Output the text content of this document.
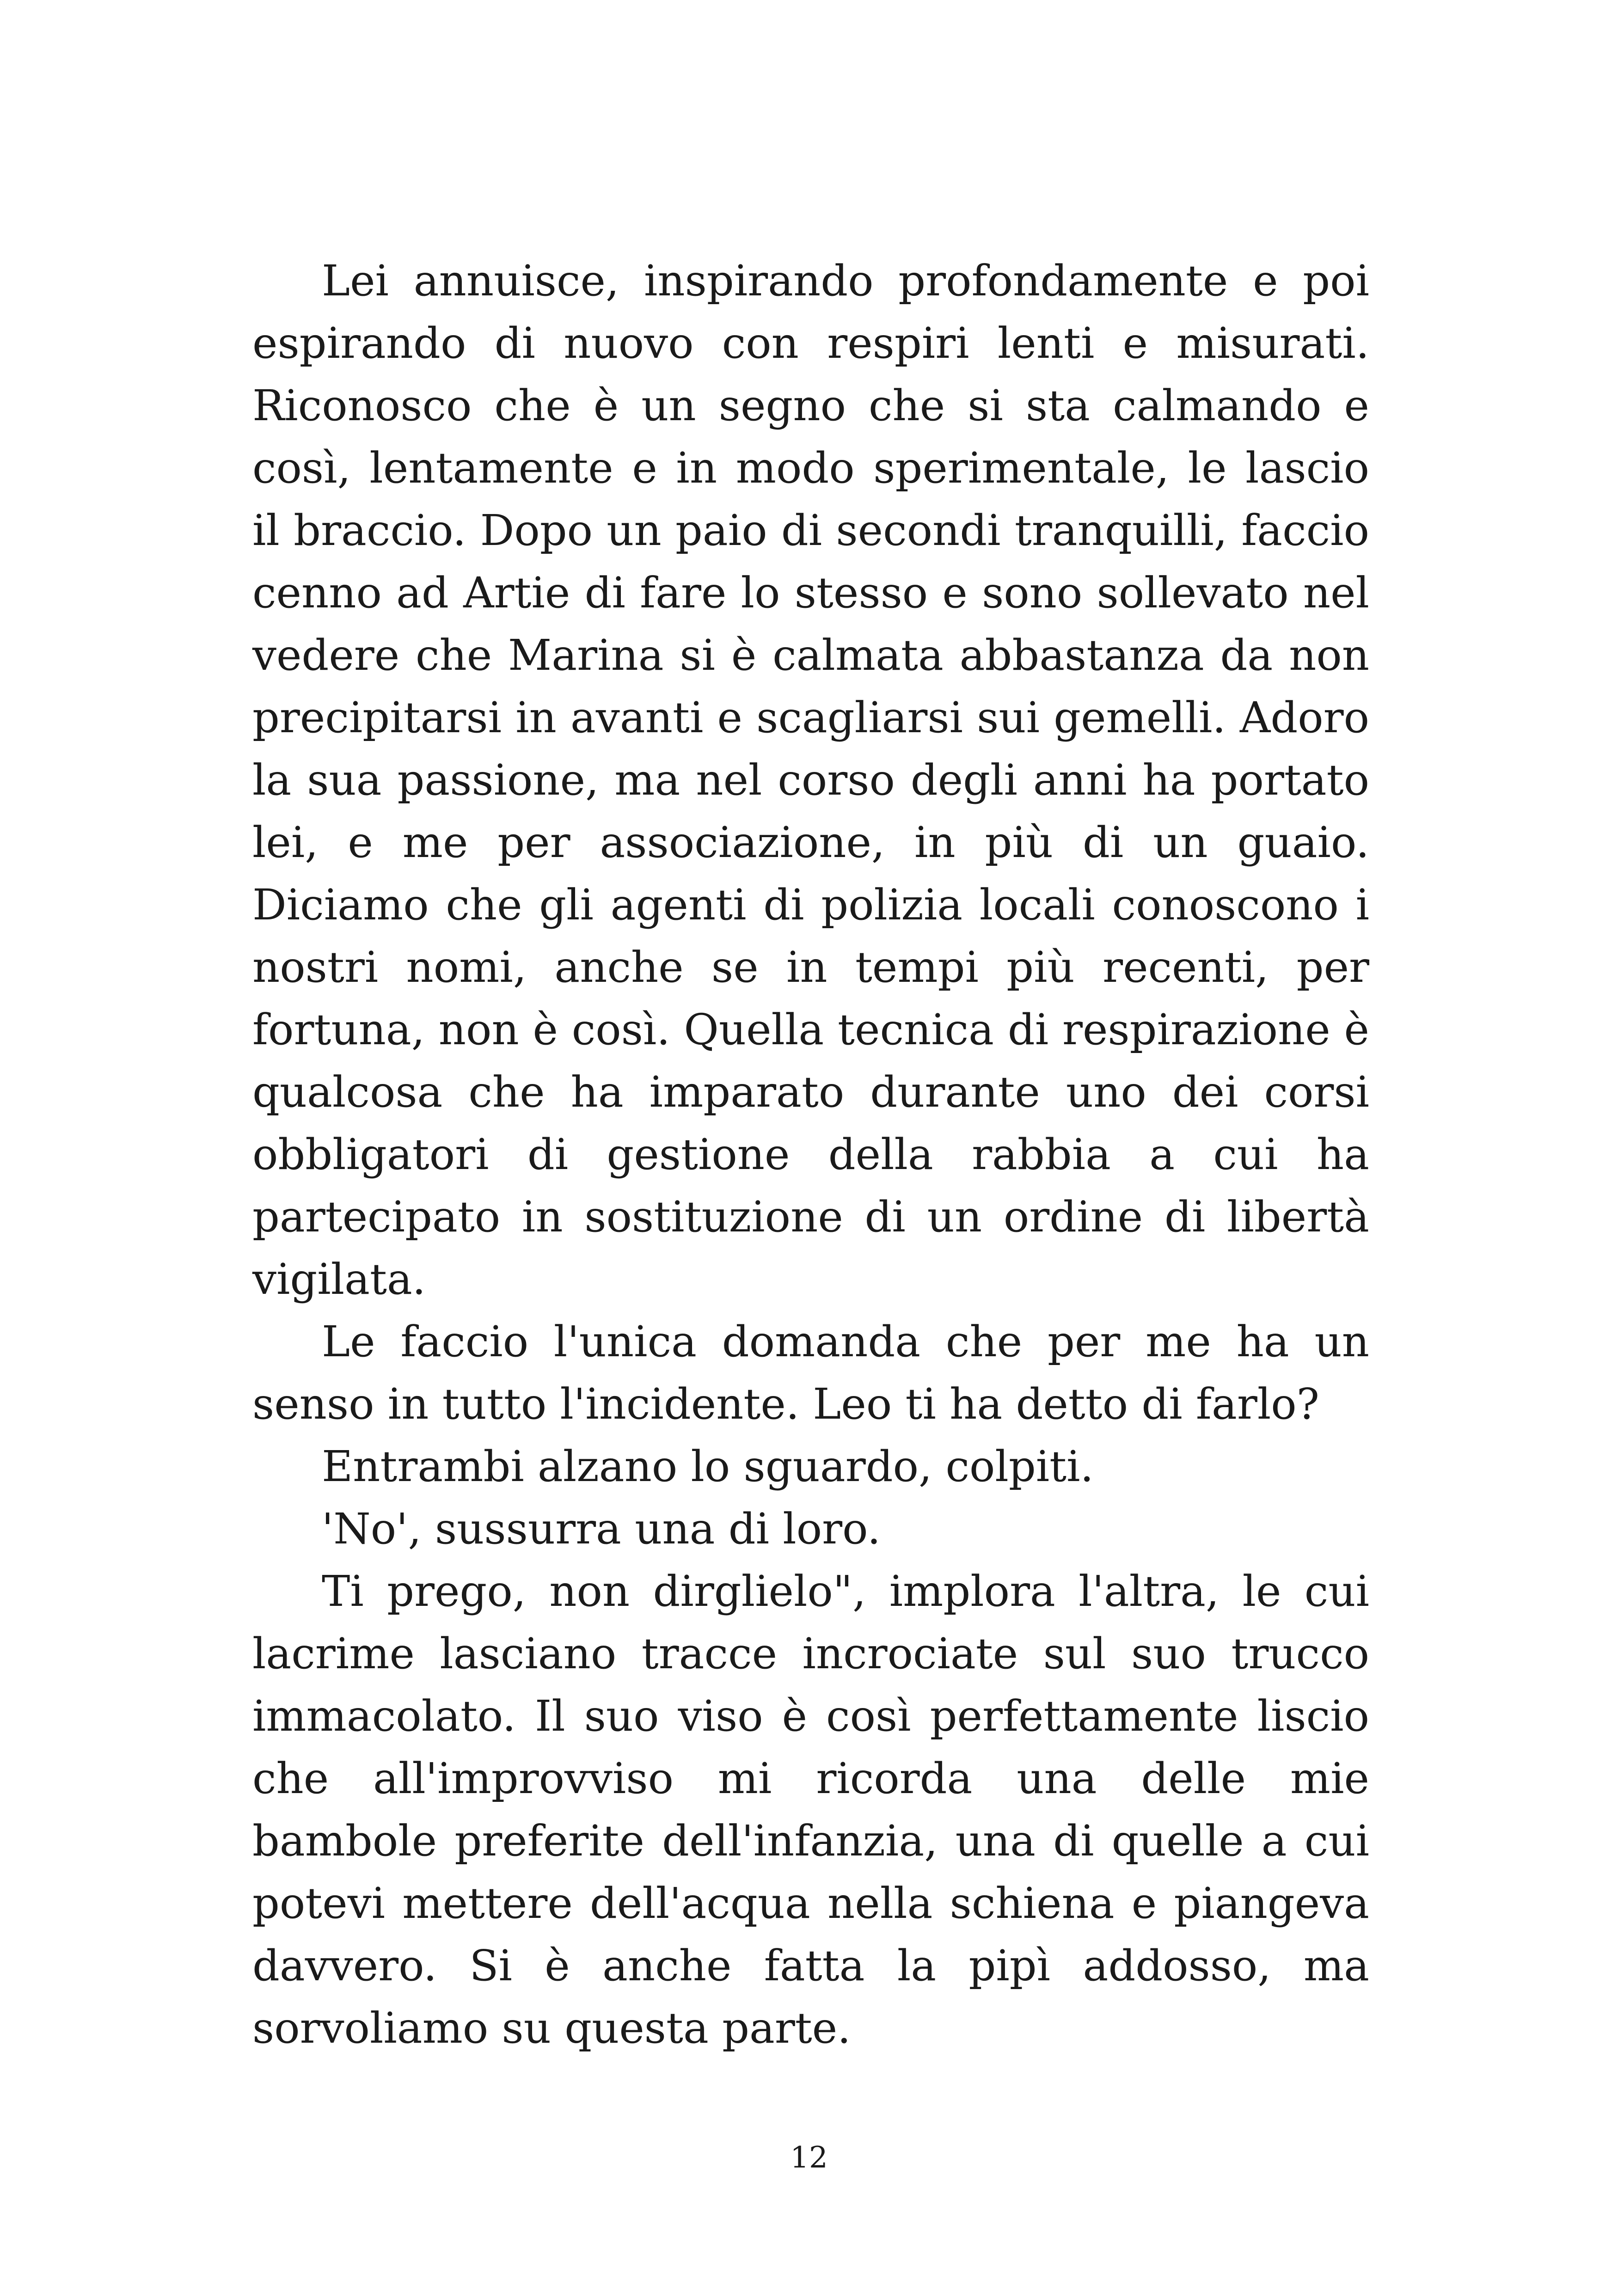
Lei annuisce, inspirando profondamente e poi espirando di nuovo con respiri lenti e misurati. Riconosco che è un segno che si sta calmando e così, lentamente e in modo sperimentale, le lascio il braccio. Dopo un paio di secondi tranquilli, faccio cenno ad Artie di fare lo stesso e sono sollevato nel vedere che Marina si è calmata abbastanza da non precipitarsi in avanti e scagliarsi sui gemelli. Adoro la sua passione, ma nel corso degli anni ha portato lei, e me per associazione, in più di un guaio. Diciamo che gli agenti di polizia locali conoscono i nostri nomi, anche se in tempi più recenti, per fortuna, non è così. Quella tecnica di respirazione è qualcosa che ha imparato durante uno dei corsi obbligatori di gestione della rabbia a cui ha partecipato in sostituzione di un ordine di libertà vigilata.

Le faccio l'unica domanda che per me ha un senso in tutto l'incidente. Leo ti ha detto di farlo?

Entrambi alzano lo sguardo, colpiti.

'No', sussurra una di loro.

Ti prego, non dirglielo", implora l'altra, le cui lacrime lasciano tracce incrociate sul suo trucco immacolato. Il suo viso è così perfettamente liscio che all'improvviso mi ricorda una delle mie bambole preferite dell'infanzia, una di quelle a cui potevi mettere dell'acqua nella schiena e piangeva davvero. Si è anche fatta la pipì addosso, ma sorvoliamo su questa parte.

12
